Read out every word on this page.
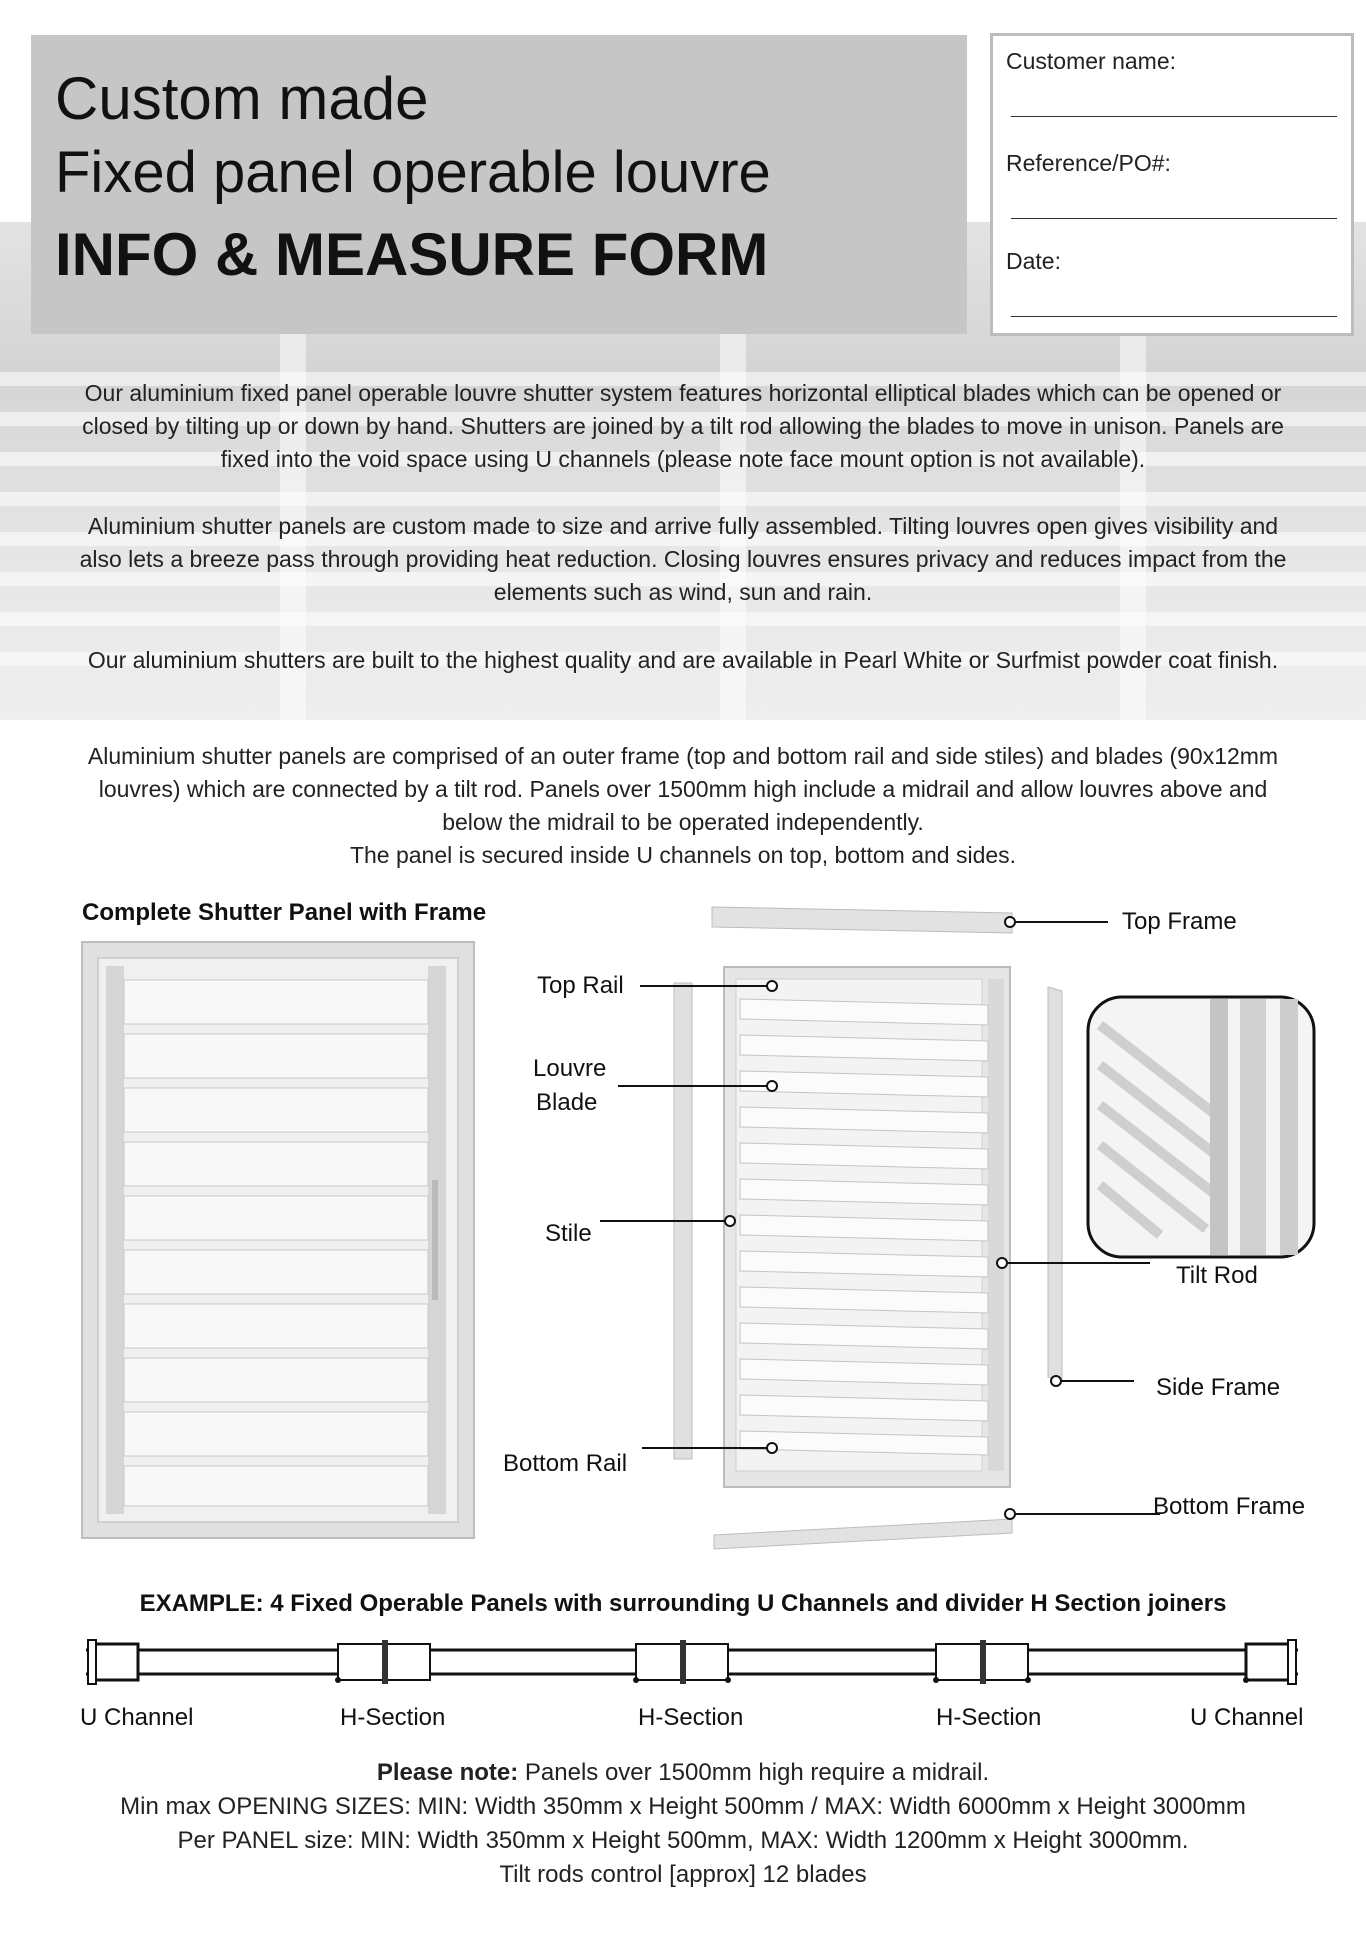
Custom made
Fixed panel operable louvre
INFO & MEASURE FORM
Customer name:
Reference/PO#:
Date:
Our aluminium fixed panel operable louvre shutter system features horizontal elliptical blades which can be opened or closed by tilting up or down by hand. Shutters are joined by a tilt rod allowing the blades to move in unison. Panels are fixed into the void space using U channels (please note face mount option is not available).
Aluminium shutter panels are custom made to size and arrive fully assembled. Tilting louvres open gives visibility and also lets a breeze pass through providing heat reduction. Closing louvres ensures privacy and reduces impact from the elements such as wind, sun and rain.
Our aluminium shutters are built to the highest quality and are available in Pearl White or Surfmist powder coat finish.
Aluminium shutter panels are comprised of an outer frame (top and bottom rail and side stiles) and blades (90x12mm louvres) which are connected by a tilt rod. Panels over 1500mm high include a midrail and allow louvres above and below the midrail to be operated independently.
The panel is secured inside U channels on top, bottom and sides.
Complete Shutter Panel with Frame	Top Frame
Top Rail
Louvre
Blade
Stile
Tilt Rod
Side Frame
Bottom Rail
Bottom Frame
EXAMPLE: 4 Fixed Operable Panels with surrounding U Channels and divider H Section joiners
U Channel	H-Section	H-Section	H-Section	U Channel
Please note: Panels over 1500mm high require a midrail.
Min max OPENING SIZES: MIN: Width 350mm x Height 500mm / MAX: Width 6000mm x Height 3000mm
Per PANEL size: MIN: Width 350mm x Height 500mm, MAX: Width 1200mm x Height 3000mm.
Tilt rods control [approx] 12 blades
